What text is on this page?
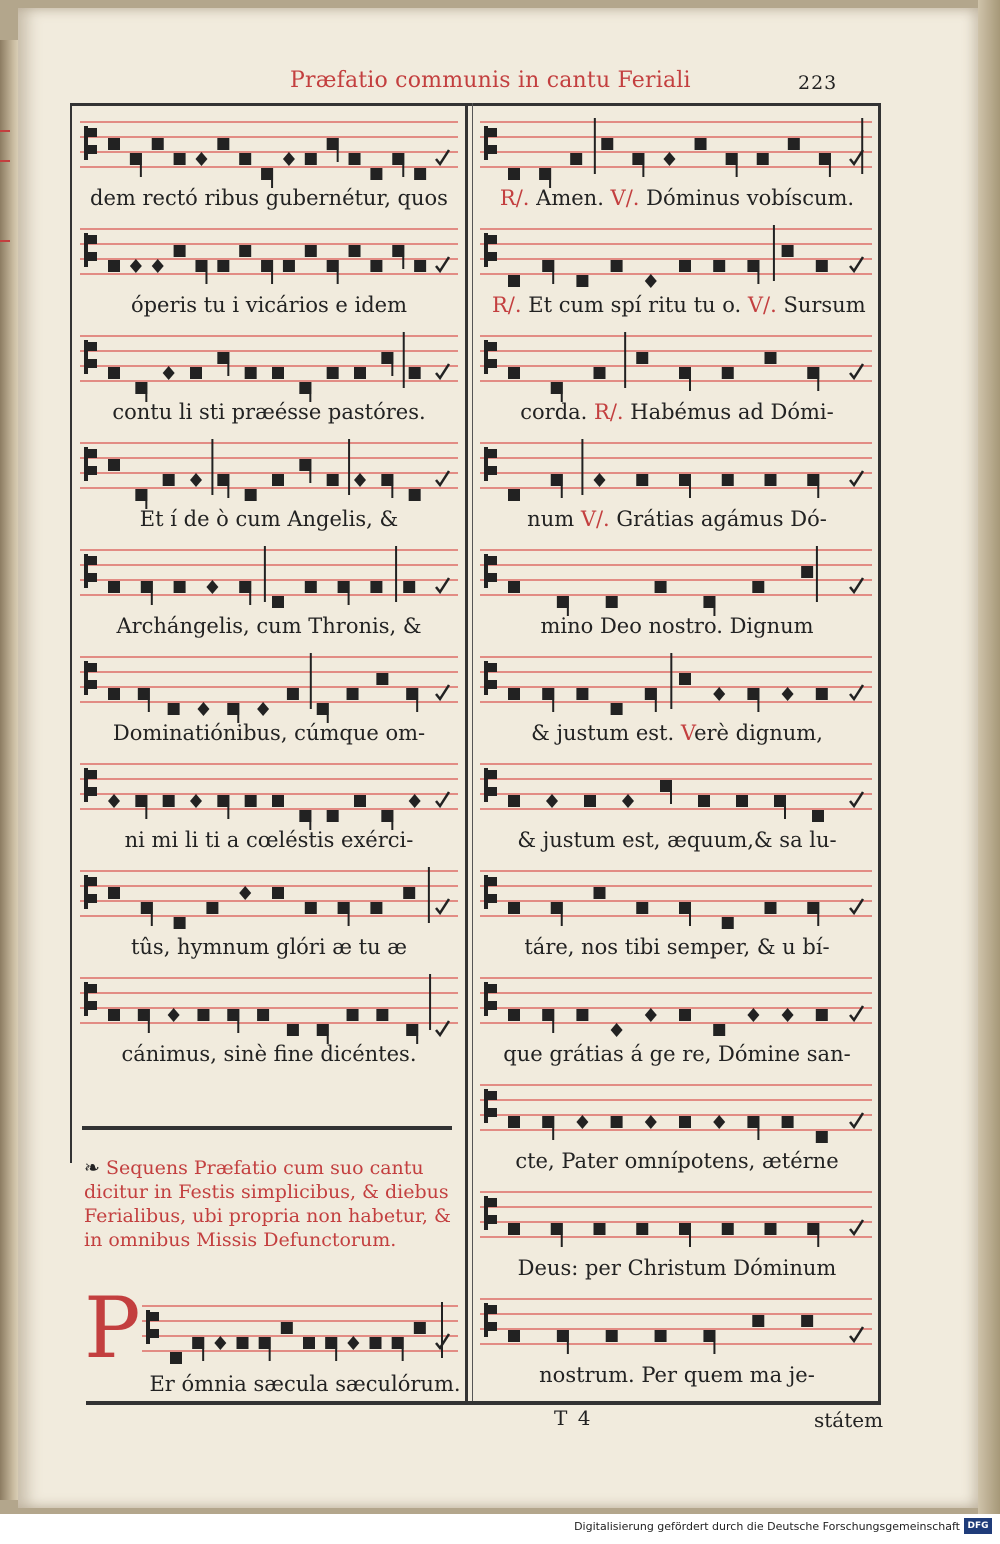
Præfatio communis in cantu Feriali	223
dem rectó ribus gubernétur, quos
óperis tu i vicários e idem
contu li sti præésse pastóres.
Et í de ò cum Angelis, &
Archángelis, cum Thronis, &
Dominatiónibus, cúmque om-
ni mi li ti a cœléstis exérci-
tûs, hymnum glóri æ tu æ
cánimus, sinè fine dicéntes.
R/. Amen. V/. Dóminus vobíscum.
R/. Et cum spí ritu tu o. V/. Sursum
corda. R/. Habémus ad Dómi-
num V/. Grátias agámus Dó-
mino Deo nostro. Dignum
& justum est. Verè dignum,
& justum est, æquum,& sa lu-
táre, nos tibi semper, & u bí-
que grátias á ge re, Dómine san-
cte, Pater omnípotens, ætérne
Deus: per Christum Dóminum
nostrum. Per quem ma je-
❧ Sequens Præfatio cum suo cantu dicitur in Festis simplicibus, & diebus Ferialibus, ubi propria non habetur, & in omnibus Missis Defunctorum.
P
Er ómnia sæcula sæculórum.
T 4	státem
Digitalisierung gefördert durch die Deutsche Forschungsgemeinschaft DFG
